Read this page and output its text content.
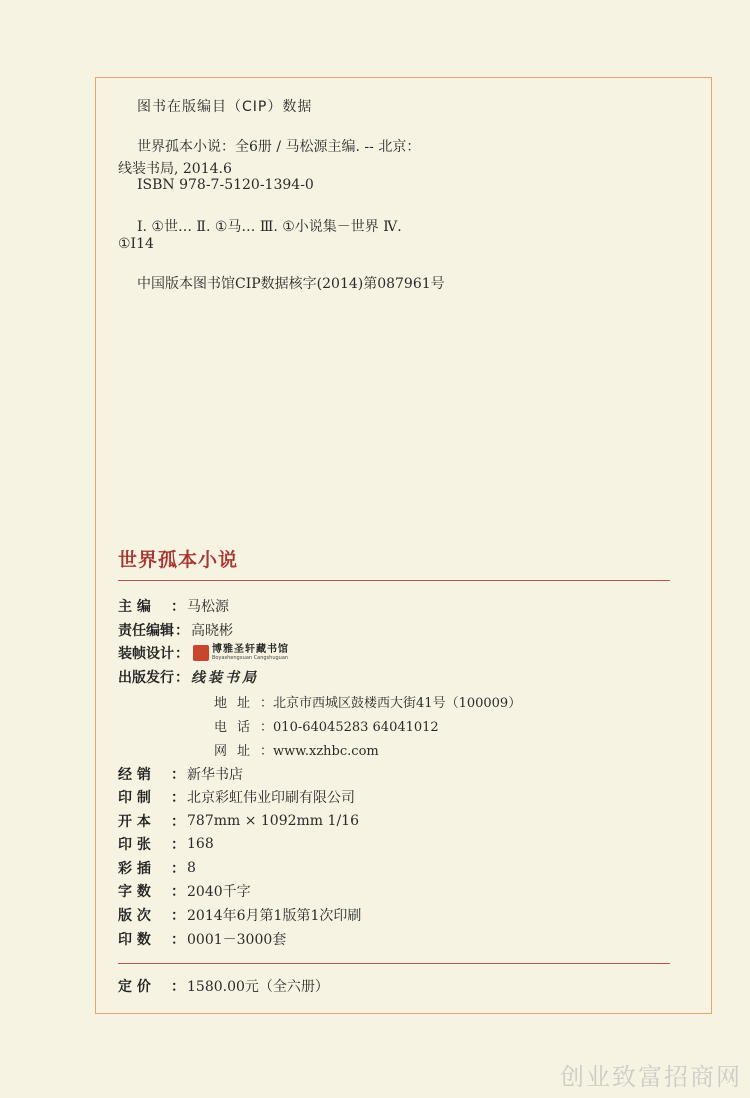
图书在版编目（CIP）数据
世界孤本小说：全6册 / 马松源主编. -- 北京：
线装书局, 2014.6
ISBN 978-7-5120-1394-0
Ⅰ. ①世… Ⅱ. ①马… Ⅲ. ①小说集－世界 Ⅳ.
①I14
中国版本图书馆CIP数据核字(2014)第087961号
世界孤本小说
主 编 ： 马松源
责任编辑： 高晓彬
装帧设计： 博雅圣轩藏书馆
Boyashengxuan Cangshuguan
出版发行： 线装书局
地址：北京市西城区鼓楼西大街41号（100009）
电话：010-64045283 64041012
网址：www.xzhbc.com
经 销 ： 新华书店
印 制 ： 北京彩虹伟业印刷有限公司
开 本 ： 787mm × 1092mm 1/16
印 张 ： 168
彩 插 ： 8
字 数 ： 2040千字
版 次 ： 2014年6月第1版第1次印刷
印 数 ： 0001－3000套
定 价 ： 1580.00元（全六册）
创业致富招商网
